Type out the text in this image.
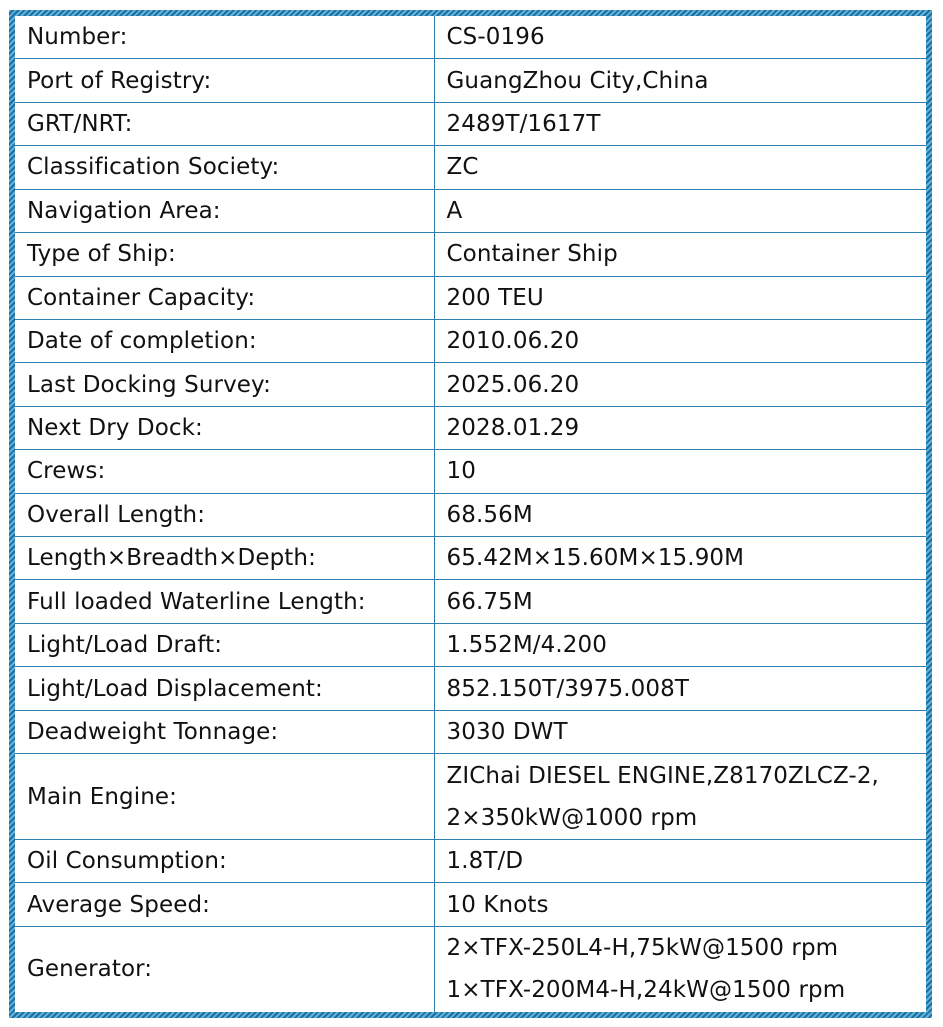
Number:	CS-0196

Port of Registry:	GuangZhou City,China

GRT/NRT:	2489T/1617T

Classification Society:	ZC

Navigation Area:	A

Type of Ship:	Container Ship

Container Capacity:	200 TEU

Date of completion:	2010.06.20

Last Docking Survey:	2025.06.20

Next Dry Dock:	2028.01.29

Crews:	10

Overall Length:	68.56M

Length×Breadth×Depth:	65.42M×15.60M×15.90M

Full loaded Waterline Length:	66.75M

Light/Load Draft:	1.552M/4.200

Light/Load Displacement:	852.150T/3975.008T

Deadweight Tonnage:	3030 DWT

Main Engine:	ZIChai DIESEL ENGINE,Z8170ZLCZ-2,
2×350kW@1000 rpm

Oil Consumption:	1.8T/D

Average Speed:	10 Knots

Generator:	2×TFX-250L4-H,75kW@1500 rpm
1×TFX-200M4-H,24kW@1500 rpm
